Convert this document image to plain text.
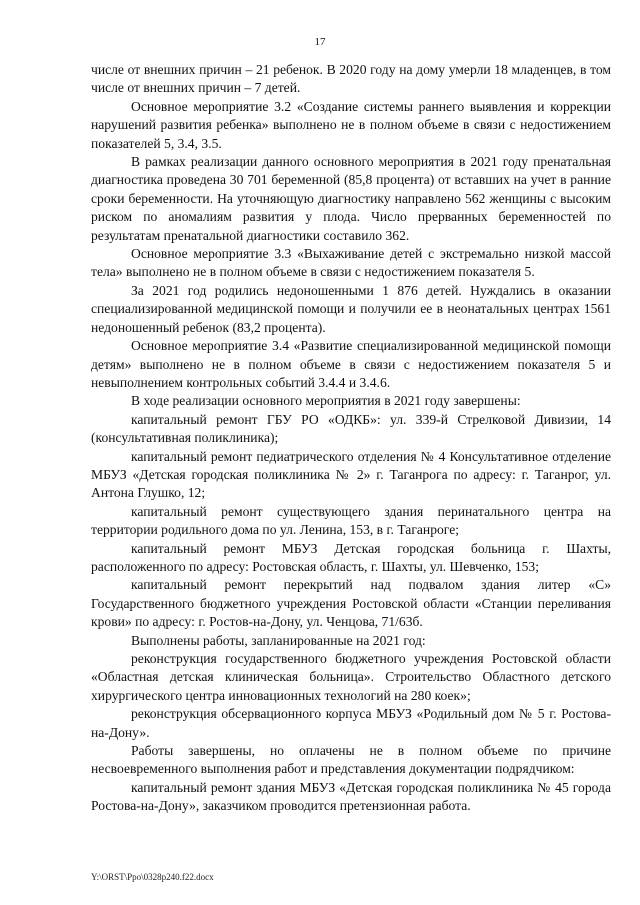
17

числе от внешних причин – 21 ребенок. В 2020 году на дому умерли 18 младенцев, в том числе от внешних причин – 7 детей.

Основное мероприятие 3.2 «Создание системы раннего выявления и коррекции нарушений развития ребенка» выполнено не в полном объеме в связи с недостижением показателей 5, 3.4, 3.5.

В рамках реализации данного основного мероприятия в 2021 году пренатальная диагностика проведена 30 701 беременной (85,8 процента) от вставших на учет в ранние сроки беременности. На уточняющую диагностику направлено 562 женщины с высоким риском по аномалиям развития у плода. Число прерванных беременностей по результатам пренатальной диагностики составило 362.

Основное мероприятие 3.3 «Выхаживание детей с экстремально низкой массой тела» выполнено не в полном объеме в связи с недостижением показателя 5.

За 2021 год родились недоношенными 1 876 детей. Нуждались в оказании специализированной медицинской помощи и получили ее в неонатальных центрах 1561 недоношенный ребенок (83,2 процента).

Основное мероприятие 3.4 «Развитие специализированной медицинской помощи детям» выполнено не в полном объеме в связи с недостижением показателя 5 и невыполнением контрольных событий 3.4.4 и 3.4.6.

В ходе реализации основного мероприятия в 2021 году завершены:

капитальный ремонт ГБУ РО «ОДКБ»: ул. 339-й Стрелковой Дивизии, 14 (консультативная поликлиника);

капитальный ремонт педиатрического отделения № 4 Консультативное отделение МБУЗ «Детская городская поликлиника № 2» г. Таганрога по адресу: г. Таганрог, ул. Антона Глушко, 12;

капитальный ремонт существующего здания перинатального центра на территории родильного дома по ул. Ленина, 153, в г. Таганроге;

капитальный ремонт МБУЗ Детская городская больница г. Шахты, расположенного по адресу: Ростовская область, г. Шахты, ул. Шевченко, 153;

капитальный ремонт перекрытий над подвалом здания литер «С» Государственного бюджетного учреждения Ростовской области «Станции переливания крови» по адресу: г. Ростов-на-Дону, ул. Ченцова, 71/63б.

Выполнены работы, запланированные на 2021 год:

реконструкция государственного бюджетного учреждения Ростовской области «Областная детская клиническая больница». Строительство Областного детского хирургического центра инновационных технологий на 280 коек»;

реконструкция обсервационного корпуса МБУЗ «Родильный дом № 5 г. Ростова-на-Дону».

Работы завершены, но оплачены не в полном объеме по причине несвоевременного выполнения работ и представления документации подрядчиком:

капитальный ремонт здания МБУЗ «Детская городская поликлиника № 45 города Ростова-на-Дону», заказчиком проводится претензионная работа.

Y:\ORST\Ppo\0328p240.f22.docx
